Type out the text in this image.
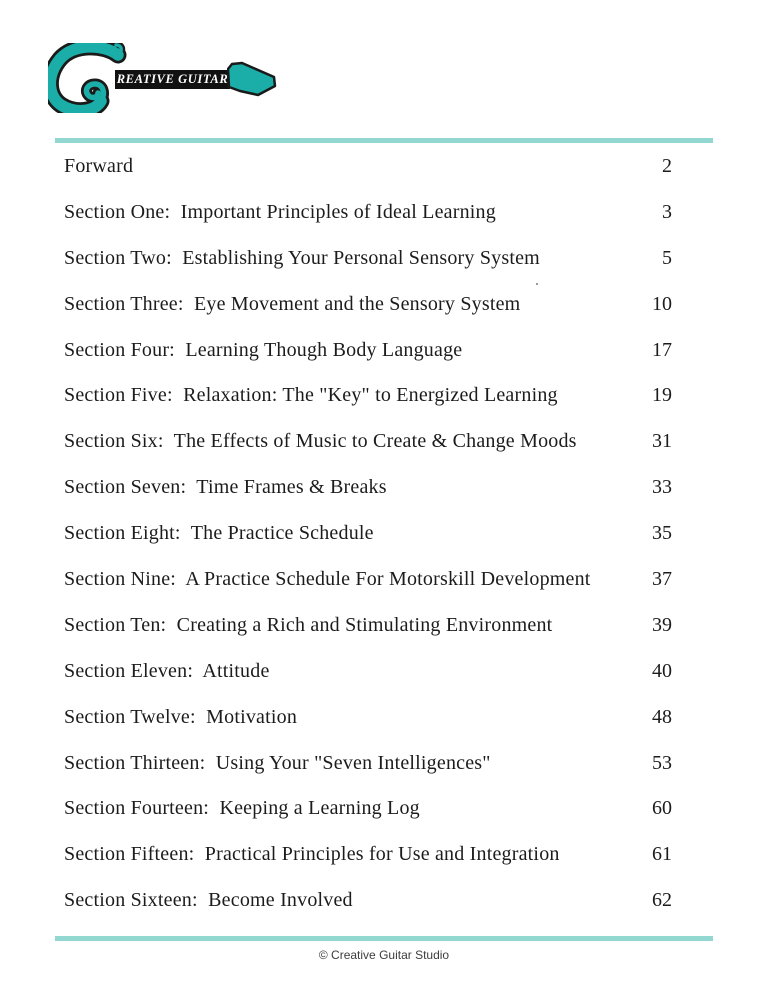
REATIVE GUITAR
Forward	2
Section One:  Important Principles of Ideal Learning	3
Section Two:  Establishing Your Personal Sensory System	5
Section Three:  Eye Movement and the Sensory System	10
Section Four:  Learning Though Body Language	17
Section Five:  Relaxation: The "Key" to Energized Learning	19
Section Six:  The Effects of Music to Create & Change Moods	31
Section Seven:  Time Frames & Breaks	33
Section Eight:  The Practice Schedule	35
Section Nine:  A Practice Schedule For Motorskill Development	37
Section Ten:  Creating a Rich and Stimulating Environment	39
Section Eleven:  Attitude	40
Section Twelve:  Motivation	48
Section Thirteen:  Using Your "Seven Intelligences"	53
Section Fourteen:  Keeping a Learning Log	60
Section Fifteen:  Practical Principles for Use and Integration	61
Section Sixteen:  Become Involved	62
© Creative Guitar Studio
